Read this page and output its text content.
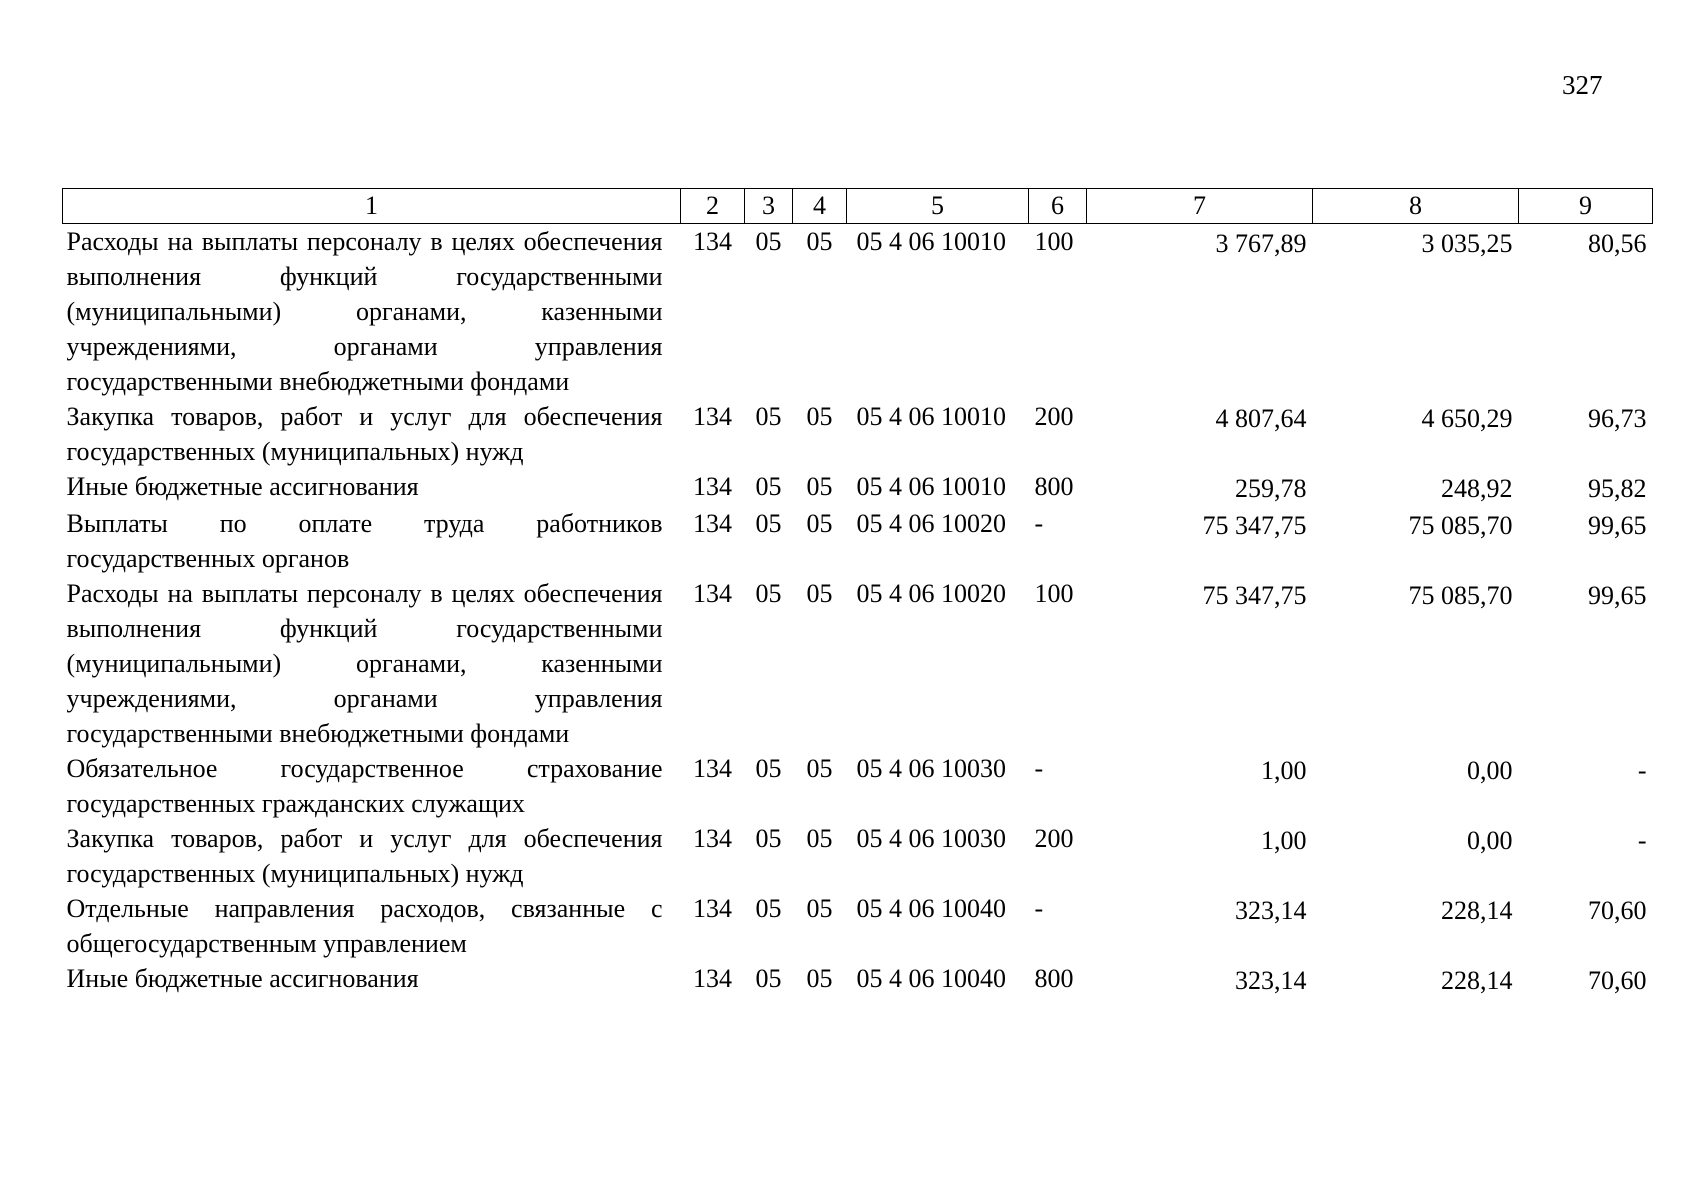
327
1	2	3	4	5	6	7	8	9
Расходы на выплаты персоналу в целях обеспечения выполнения функций государственными (муниципальными) органами, казенными учреждениями, органами управления государственными внебюджетными фондами	134	05	05	05 4 06 10010	100	3 767,89	3 035,25	80,56
Закупка товаров, работ и услуг для обеспечения государственных (муниципальных) нужд	134	05	05	05 4 06 10010	200	4 807,64	4 650,29	96,73
Иные бюджетные ассигнования	134	05	05	05 4 06 10010	800	259,78	248,92	95,82
Выплаты по оплате труда работников государственных органов	134	05	05	05 4 06 10020	-	75 347,75	75 085,70	99,65
Расходы на выплаты персоналу в целях обеспечения выполнения функций государственными (муниципальными) органами, казенными учреждениями, органами управления государственными внебюджетными фондами	134	05	05	05 4 06 10020	100	75 347,75	75 085,70	99,65
Обязательное государственное страхование государственных гражданских служащих	134	05	05	05 4 06 10030	-	1,00	0,00	-
Закупка товаров, работ и услуг для обеспечения государственных (муниципальных) нужд	134	05	05	05 4 06 10030	200	1,00	0,00	-
Отдельные направления расходов, связанные с общегосударственным управлением	134	05	05	05 4 06 10040	-	323,14	228,14	70,60
Иные бюджетные ассигнования	134	05	05	05 4 06 10040	800	323,14	228,14	70,60
